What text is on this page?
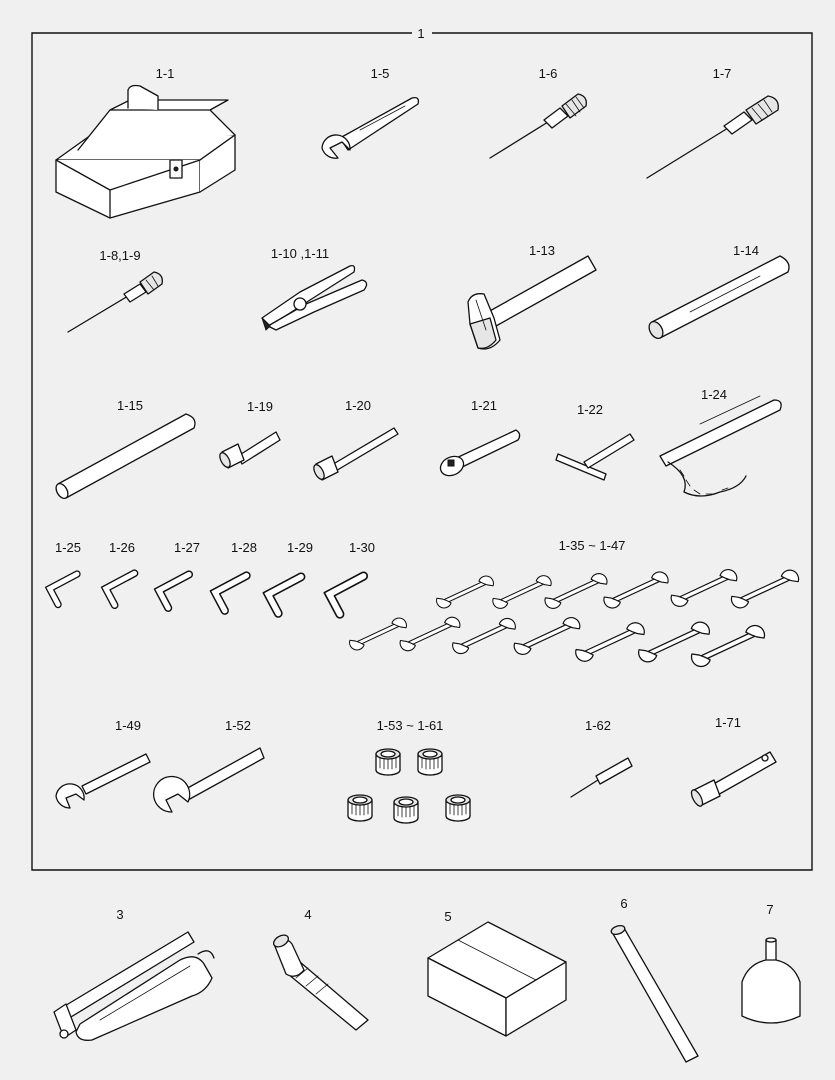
1
1-1	1-5	1-6	1-7
1-8,1-9	1-10 ,1-11	1-13	1-14
1-15	1-19	1-20	1-21	1-22
1-24
1-25 1-26	1-27 1-28 1-29	1-30	1-35 ~ 1-47
1-49	1-52	1-53 ~ 1-61	1-62	1-71
3	4	5
6	7
